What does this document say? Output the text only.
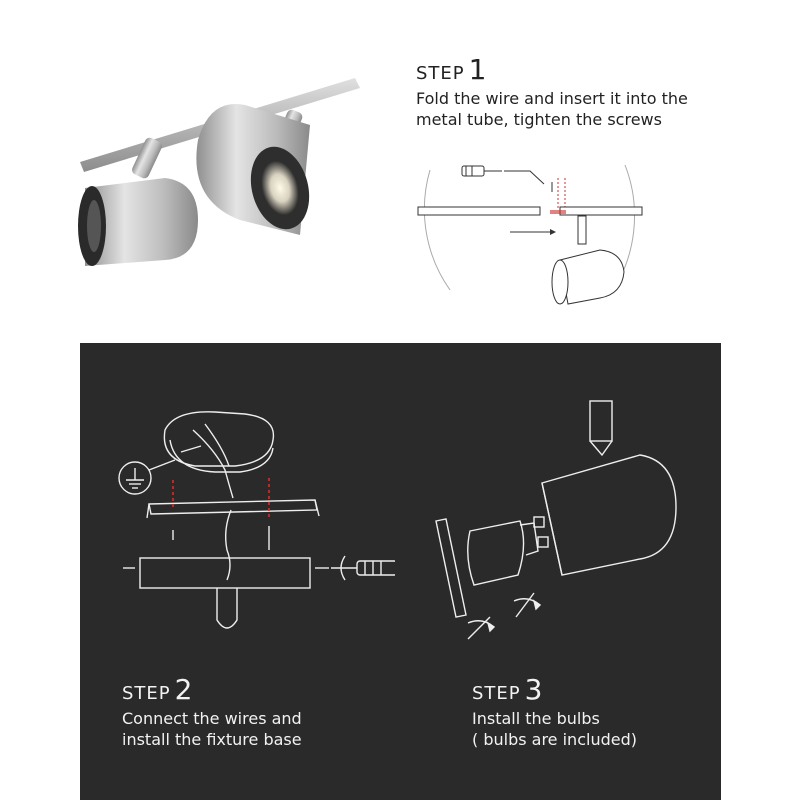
STEP 1
Fold the wire and insert it into the
metal tube, tighten the screws
STEP 2
Connect the wires and
install the fixture base
STEP 3
Install the bulbs
( bulbs are included)
